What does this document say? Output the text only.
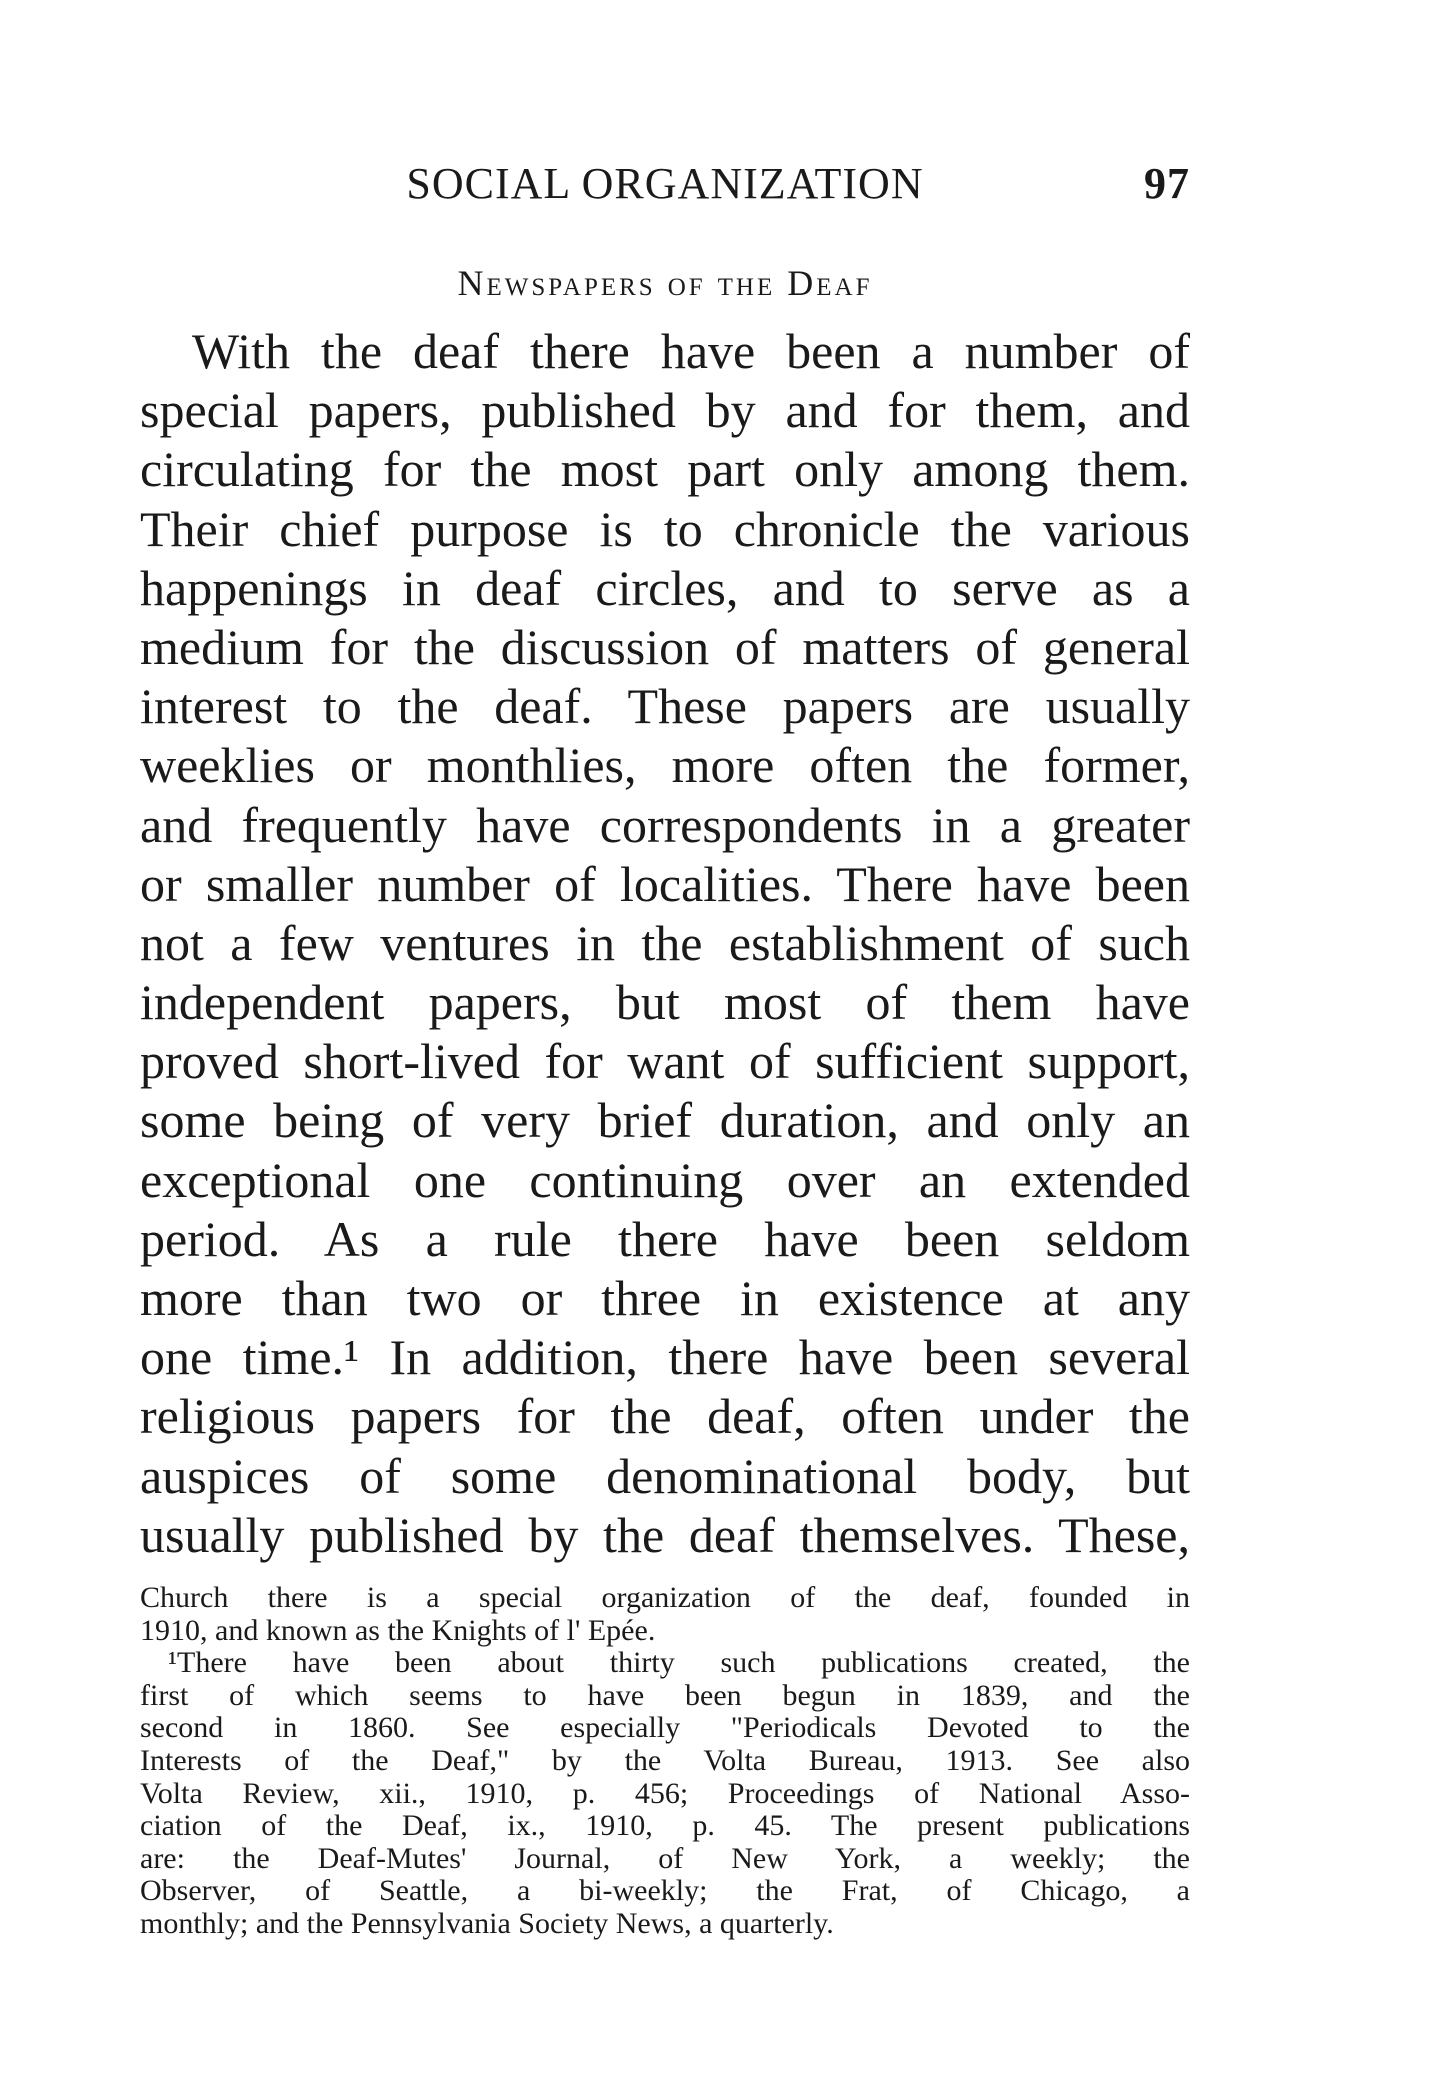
SOCIAL ORGANIZATION	97
Newspapers of the Deaf
With the deaf there have been a number of
special papers, published by and for them, and
circulating for the most part only among them.
Their chief purpose is to chronicle the various
happenings in deaf circles, and to serve as a
medium for the discussion of matters of general
interest to the deaf. These papers are usually
weeklies or monthlies, more often the former,
and frequently have correspondents in a greater
or smaller number of localities. There have been
not a few ventures in the establishment of such
independent papers, but most of them have
proved short-lived for want of sufficient support,
some being of very brief duration, and only an
exceptional one continuing over an extended
period. As a rule there have been seldom
more than two or three in existence at any
one time.¹ In addition, there have been several
religious papers for the deaf, often under the
auspices of some denominational body, but
usually published by the deaf themselves. These,
Church there is a special organization of the deaf, founded in
1910, and known as the Knights of l' Epée.
¹There have been about thirty such publications created, the
first of which seems to have been begun in 1839, and the
second in 1860. See especially "Periodicals Devoted to the
Interests of the Deaf," by the Volta Bureau, 1913. See also
Volta Review, xii., 1910, p. 456; Proceedings of National Asso-
ciation of the Deaf, ix., 1910, p. 45. The present publications
are: the Deaf-Mutes' Journal, of New York, a weekly; the
Observer, of Seattle, a bi-weekly; the Frat, of Chicago, a
monthly; and the Pennsylvania Society News, a quarterly.
